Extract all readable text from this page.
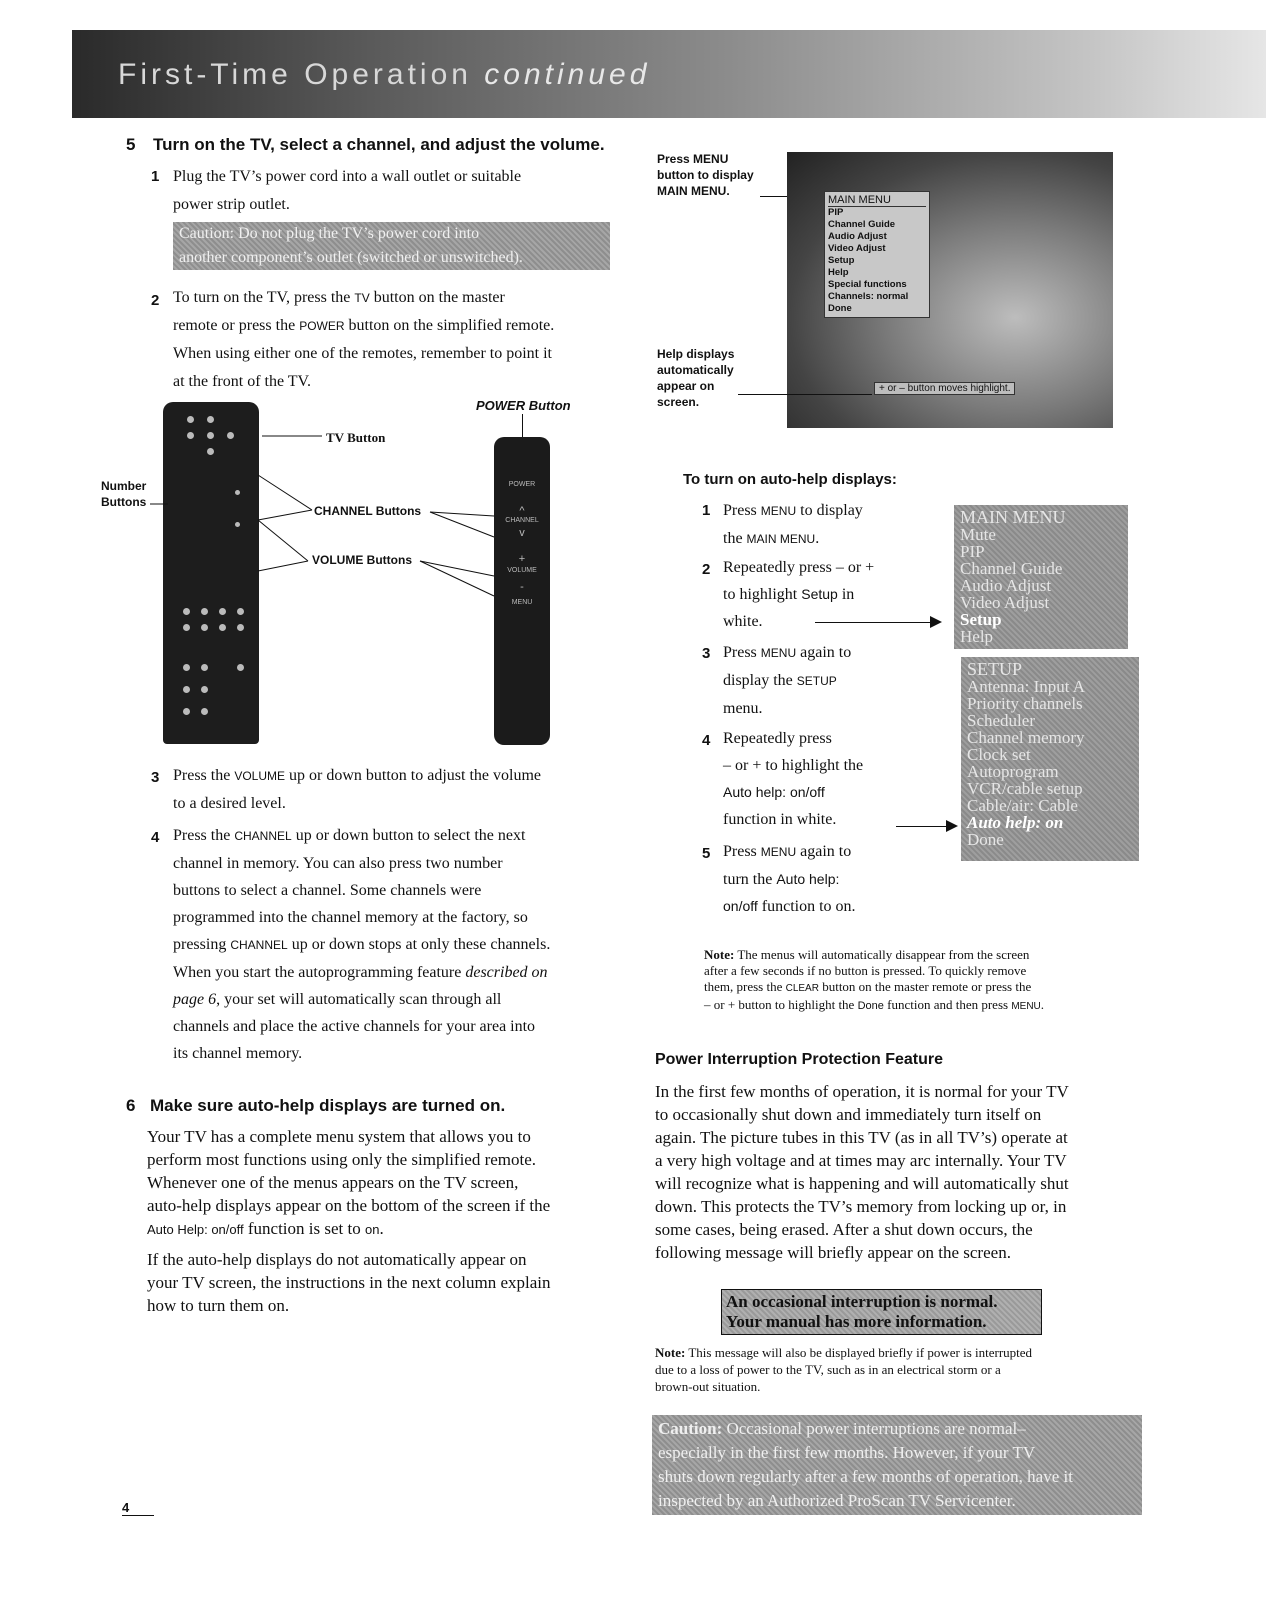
First-Time Operation continued
5 Turn on the TV, select a channel, and adjust the volume.
1 Plug the TV’s power cord into a wall outlet or suitable
power strip outlet.
Caution: Do not plug the TV’s power cord into
another component’s outlet (switched or unswitched).
2 To turn on the TV, press the TV button on the master
remote or press the POWER button on the simplified remote.
When using either one of the remotes, remember to point it
at the front of the TV.
POWER Button
POWER
^
CHANNEL
v
+
VOLUME
-
MENU
TV Button
Number
Buttons
CHANNEL Buttons
VOLUME Buttons
3 Press the VOLUME up or down button to adjust the volume
to a desired level.
4 Press the CHANNEL up or down button to select the next
channel in memory. You can also press two number
buttons to select a channel. Some channels were
programmed into the channel memory at the factory, so
pressing CHANNEL up or down stops at only these channels.
When you start the autoprogramming feature described on
page 6, your set will automatically scan through all
channels and place the active channels for your area into
its channel memory.
6 Make sure auto-help displays are turned on.
Your TV has a complete menu system that allows you to
perform most functions using only the simplified remote.
Whenever one of the menus appears on the TV screen,
auto-help displays appear on the bottom of the screen if the
Auto Help: on/off function is set to on.
If the auto-help displays do not automatically appear on
your TV screen, the instructions in the next column explain
how to turn them on.
4
Press MENU
button to display
MAIN MENU.
MAIN MENU
PIP
Channel Guide
Audio Adjust
Video Adjust
Setup
Help
Special functions
Channels: normal
Done
+ or – button moves highlight.
Help displays
automatically
appear on
screen.
To turn on auto-help displays:
1 Press MENU to display
the MAIN MENU.
2 Repeatedly press – or +
to highlight Setup in
white.
3 Press MENU again to
display the SETUP
menu.
4 Repeatedly press
– or + to highlight the
Auto help: on/off
function in white.
5 Press MENU again to
turn the Auto help:
on/off function to on.
MAIN MENU
Mute
PIP
Channel Guide
Audio Adjust
Video Adjust
Setup
Help
SETUP
Antenna: Input A
Priority channels
Scheduler
Channel memory
Clock set
Autoprogram
VCR/cable setup
Cable/air: Cable
Auto help: on
Done
Note: The menus will automatically disappear from the screen
after a few seconds if no button is pressed. To quickly remove
them, press the CLEAR button on the master remote or press the
– or + button to highlight the Done function and then press MENU.
Power Interruption Protection Feature
In the first few months of operation, it is normal for your TV
to occasionally shut down and immediately turn itself on
again. The picture tubes in this TV (as in all TV’s) operate at
a very high voltage and at times may arc internally. Your TV
will recognize what is happening and will automatically shut
down. This protects the TV’s memory from locking up or, in
some cases, being erased. After a shut down occurs, the
following message will briefly appear on the screen.
An occasional interruption is normal.
Your manual has more information.
Note: This message will also be displayed briefly if power is interrupted
due to a loss of power to the TV, such as in an electrical storm or a
brown-out situation.
Caution: Occasional power interruptions are normal–
especially in the first few months. However, if your TV
shuts down regularly after a few months of operation, have it
inspected by an Authorized ProScan TV Servicenter.
